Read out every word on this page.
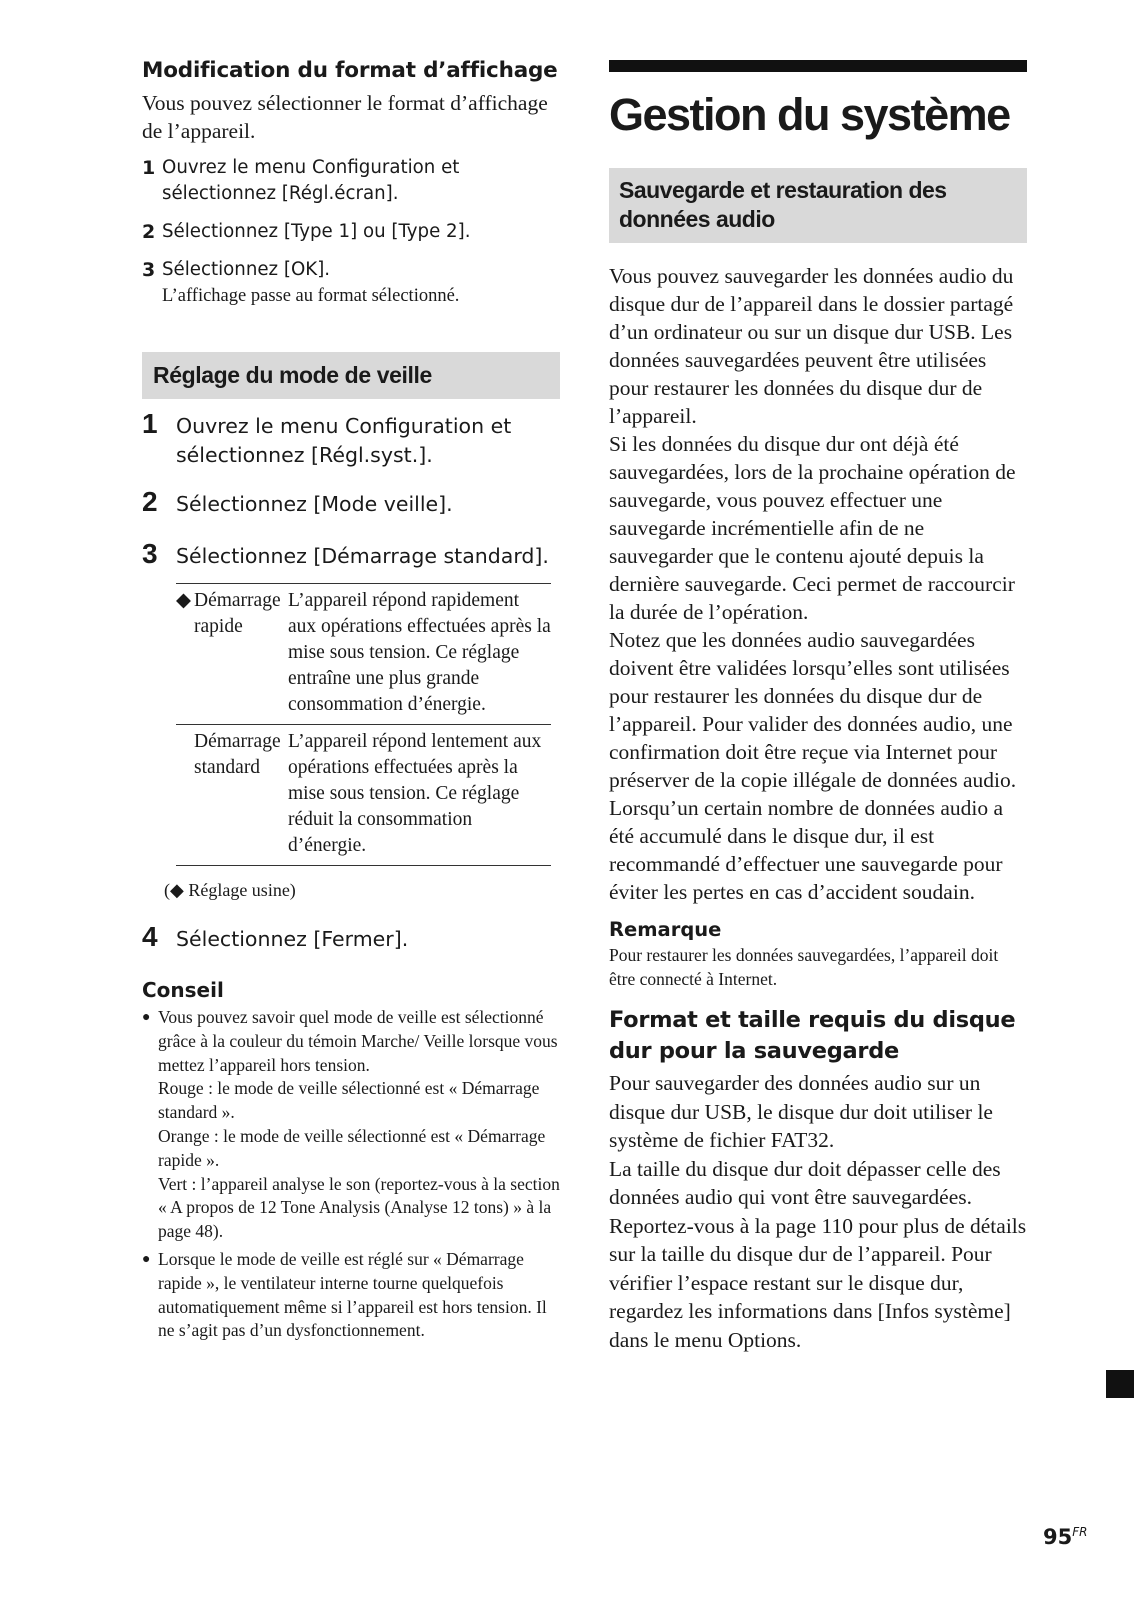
Modification du format d’affichage

Vous pouvez sélectionner le format d’affichage de l’appareil.

1 Ouvrez le menu Configuration et sélectionnez [Régl.écran].
2 Sélectionnez [Type 1] ou [Type 2].
3 Sélectionnez [OK].
L’affichage passe au format sélectionné.
Réglage du mode de veille
1 Ouvrez le menu Configuration et sélectionnez [Régl.syst.].
2 Sélectionnez [Mode veille].
3 Sélectionnez [Démarrage standard].
◆ Démarrage rapide	L’appareil répond rapidement aux opérations effectuées après la mise sous tension. Ce réglage entraîne une plus grande consommation d’énergie.
Démarrage standard	L’appareil répond lentement aux opérations effectuées après la mise sous tension. Ce réglage réduit la consommation d’énergie.
(◆ Réglage usine)
4 Sélectionnez [Fermer].
Conseil
● Vous pouvez savoir quel mode de veille est sélectionné grâce à la couleur du témoin Marche/ Veille lorsque vous mettez l’appareil hors tension.
Rouge : le mode de veille sélectionné est « Démarrage standard ».
Orange : le mode de veille sélectionné est « Démarrage rapide ».
Vert : l’appareil analyse le son (reportez-vous à la section « A propos de 12 Tone Analysis (Analyse 12 tons) » à la page 48).
● Lorsque le mode de veille est réglé sur « Démarrage rapide », le ventilateur interne tourne quelquefois automatiquement même si l’appareil est hors tension. Il ne s’agit pas d’un dysfonctionnement.
Gestion du système
Sauvegarde et restauration des données audio

Vous pouvez sauvegarder les données audio du disque dur de l’appareil dans le dossier partagé d’un ordinateur ou sur un disque dur USB. Les données sauvegardées peuvent être utilisées pour restaurer les données du disque dur de l’appareil.

Si les données du disque dur ont déjà été sauvegardées, lors de la prochaine opération de sauvegarde, vous pouvez effectuer une sauvegarde incrémentielle afin de ne sauvegarder que le contenu ajouté depuis la dernière sauvegarde. Ceci permet de raccourcir la durée de l’opération.

Notez que les données audio sauvegardées doivent être validées lorsqu’elles sont utilisées pour restaurer les données du disque dur de l’appareil. Pour valider des données audio, une confirmation doit être reçue via Internet pour préserver de la copie illégale de données audio.

Lorsqu’un certain nombre de données audio a été accumulé dans le disque dur, il est recommandé d’effectuer une sauvegarde pour éviter les pertes en cas d’accident soudain.

Remarque

Pour restaurer les données sauvegardées, l’appareil doit être connecté à Internet.

Format et taille requis du disque dur pour la sauvegarde

Pour sauvegarder des données audio sur un disque dur USB, le disque dur doit utiliser le système de fichier FAT32.

La taille du disque dur doit dépasser celle des données audio qui vont être sauvegardées.

Reportez-vous à la page 110 pour plus de détails sur la taille du disque dur de l’appareil. Pour vérifier l’espace restant sur le disque dur, regardez les informations dans [Infos système] dans le menu Options.

$95^{FR}$
